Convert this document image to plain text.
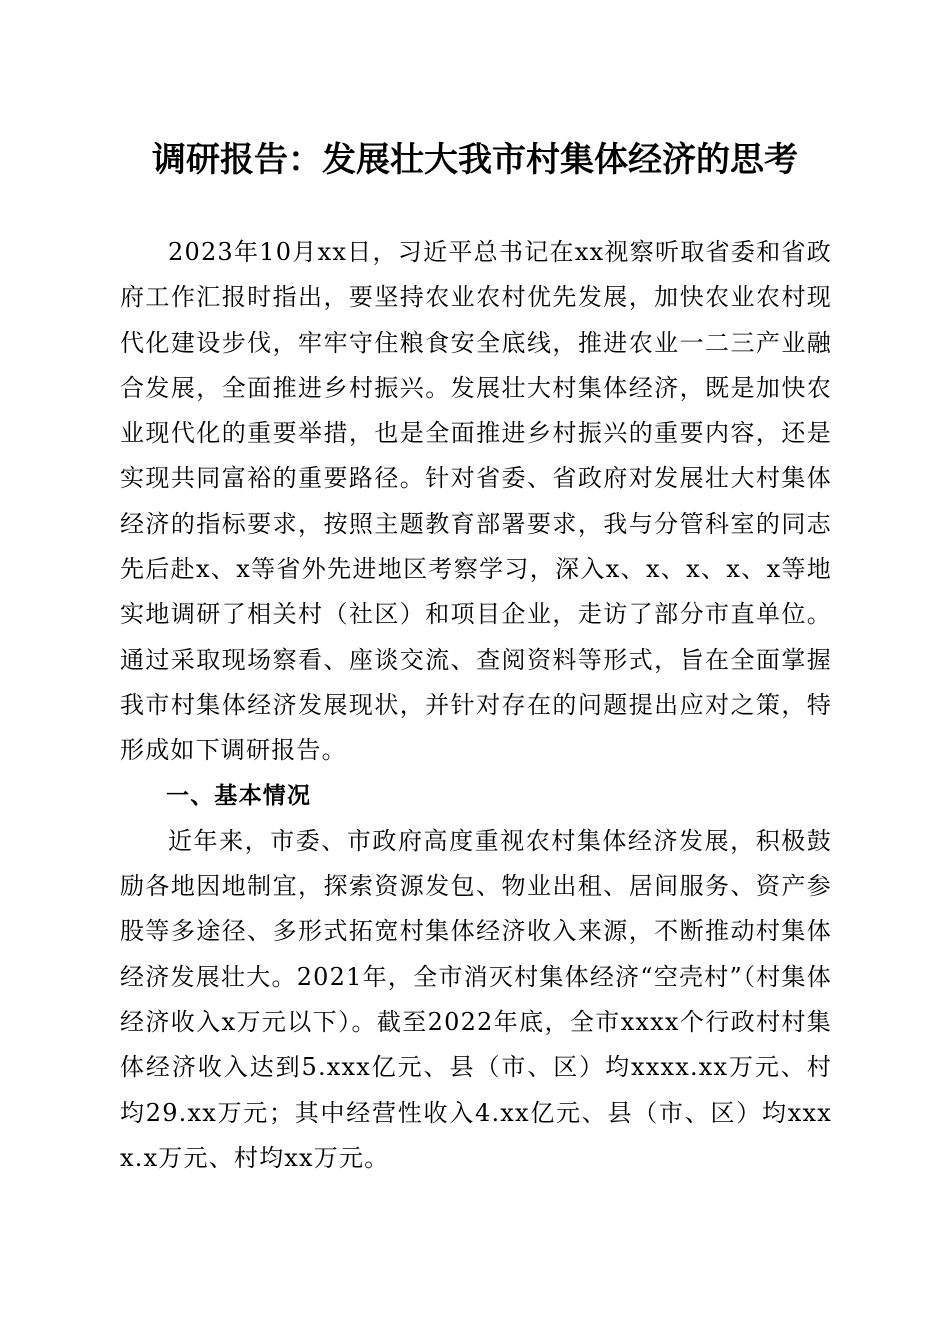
调研报告：发展壮大我市村集体经济的思考

2023年10月xx日，习近平总书记在xx视察听取省委和省政府工作汇报时指出，要坚持农业农村优先发展，加快农业农村现代化建设步伐，牢牢守住粮食安全底线，推进农业一二三产业融合发展，全面推进乡村振兴。发展壮大村集体经济，既是加快农业现代化的重要举措，也是全面推进乡村振兴的重要内容，还是实现共同富裕的重要路径。针对省委、省政府对发展壮大村集体经济的指标要求，按照主题教育部署要求，我与分管科室的同志先后赴x、x等省外先进地区考察学习，深入x、x、x、x、x等地实地调研了相关村（社区）和项目企业，走访了部分市直单位。通过采取现场察看、座谈交流、查阅资料等形式，旨在全面掌握我市村集体经济发展现状，并针对存在的问题提出应对之策，特形成如下调研报告。

一、基本情况

近年来，市委、市政府高度重视农村集体经济发展，积极鼓励各地因地制宜，探索资源发包、物业出租、居间服务、资产参股等多途径、多形式拓宽村集体经济收入来源，不断推动村集体经济发展壮大。2021年，全市消灭村集体经济“空壳村”（村集体经济收入x万元以下）。截至2022年底，全市xxxx个行政村村集体经济收入达到5.xxx亿元、县（市、区）均xxxx.xx万元、村均29.xx万元；其中经营性收入4.xx亿元、县（市、区）均xxxx.x万元、村均xx万元。
